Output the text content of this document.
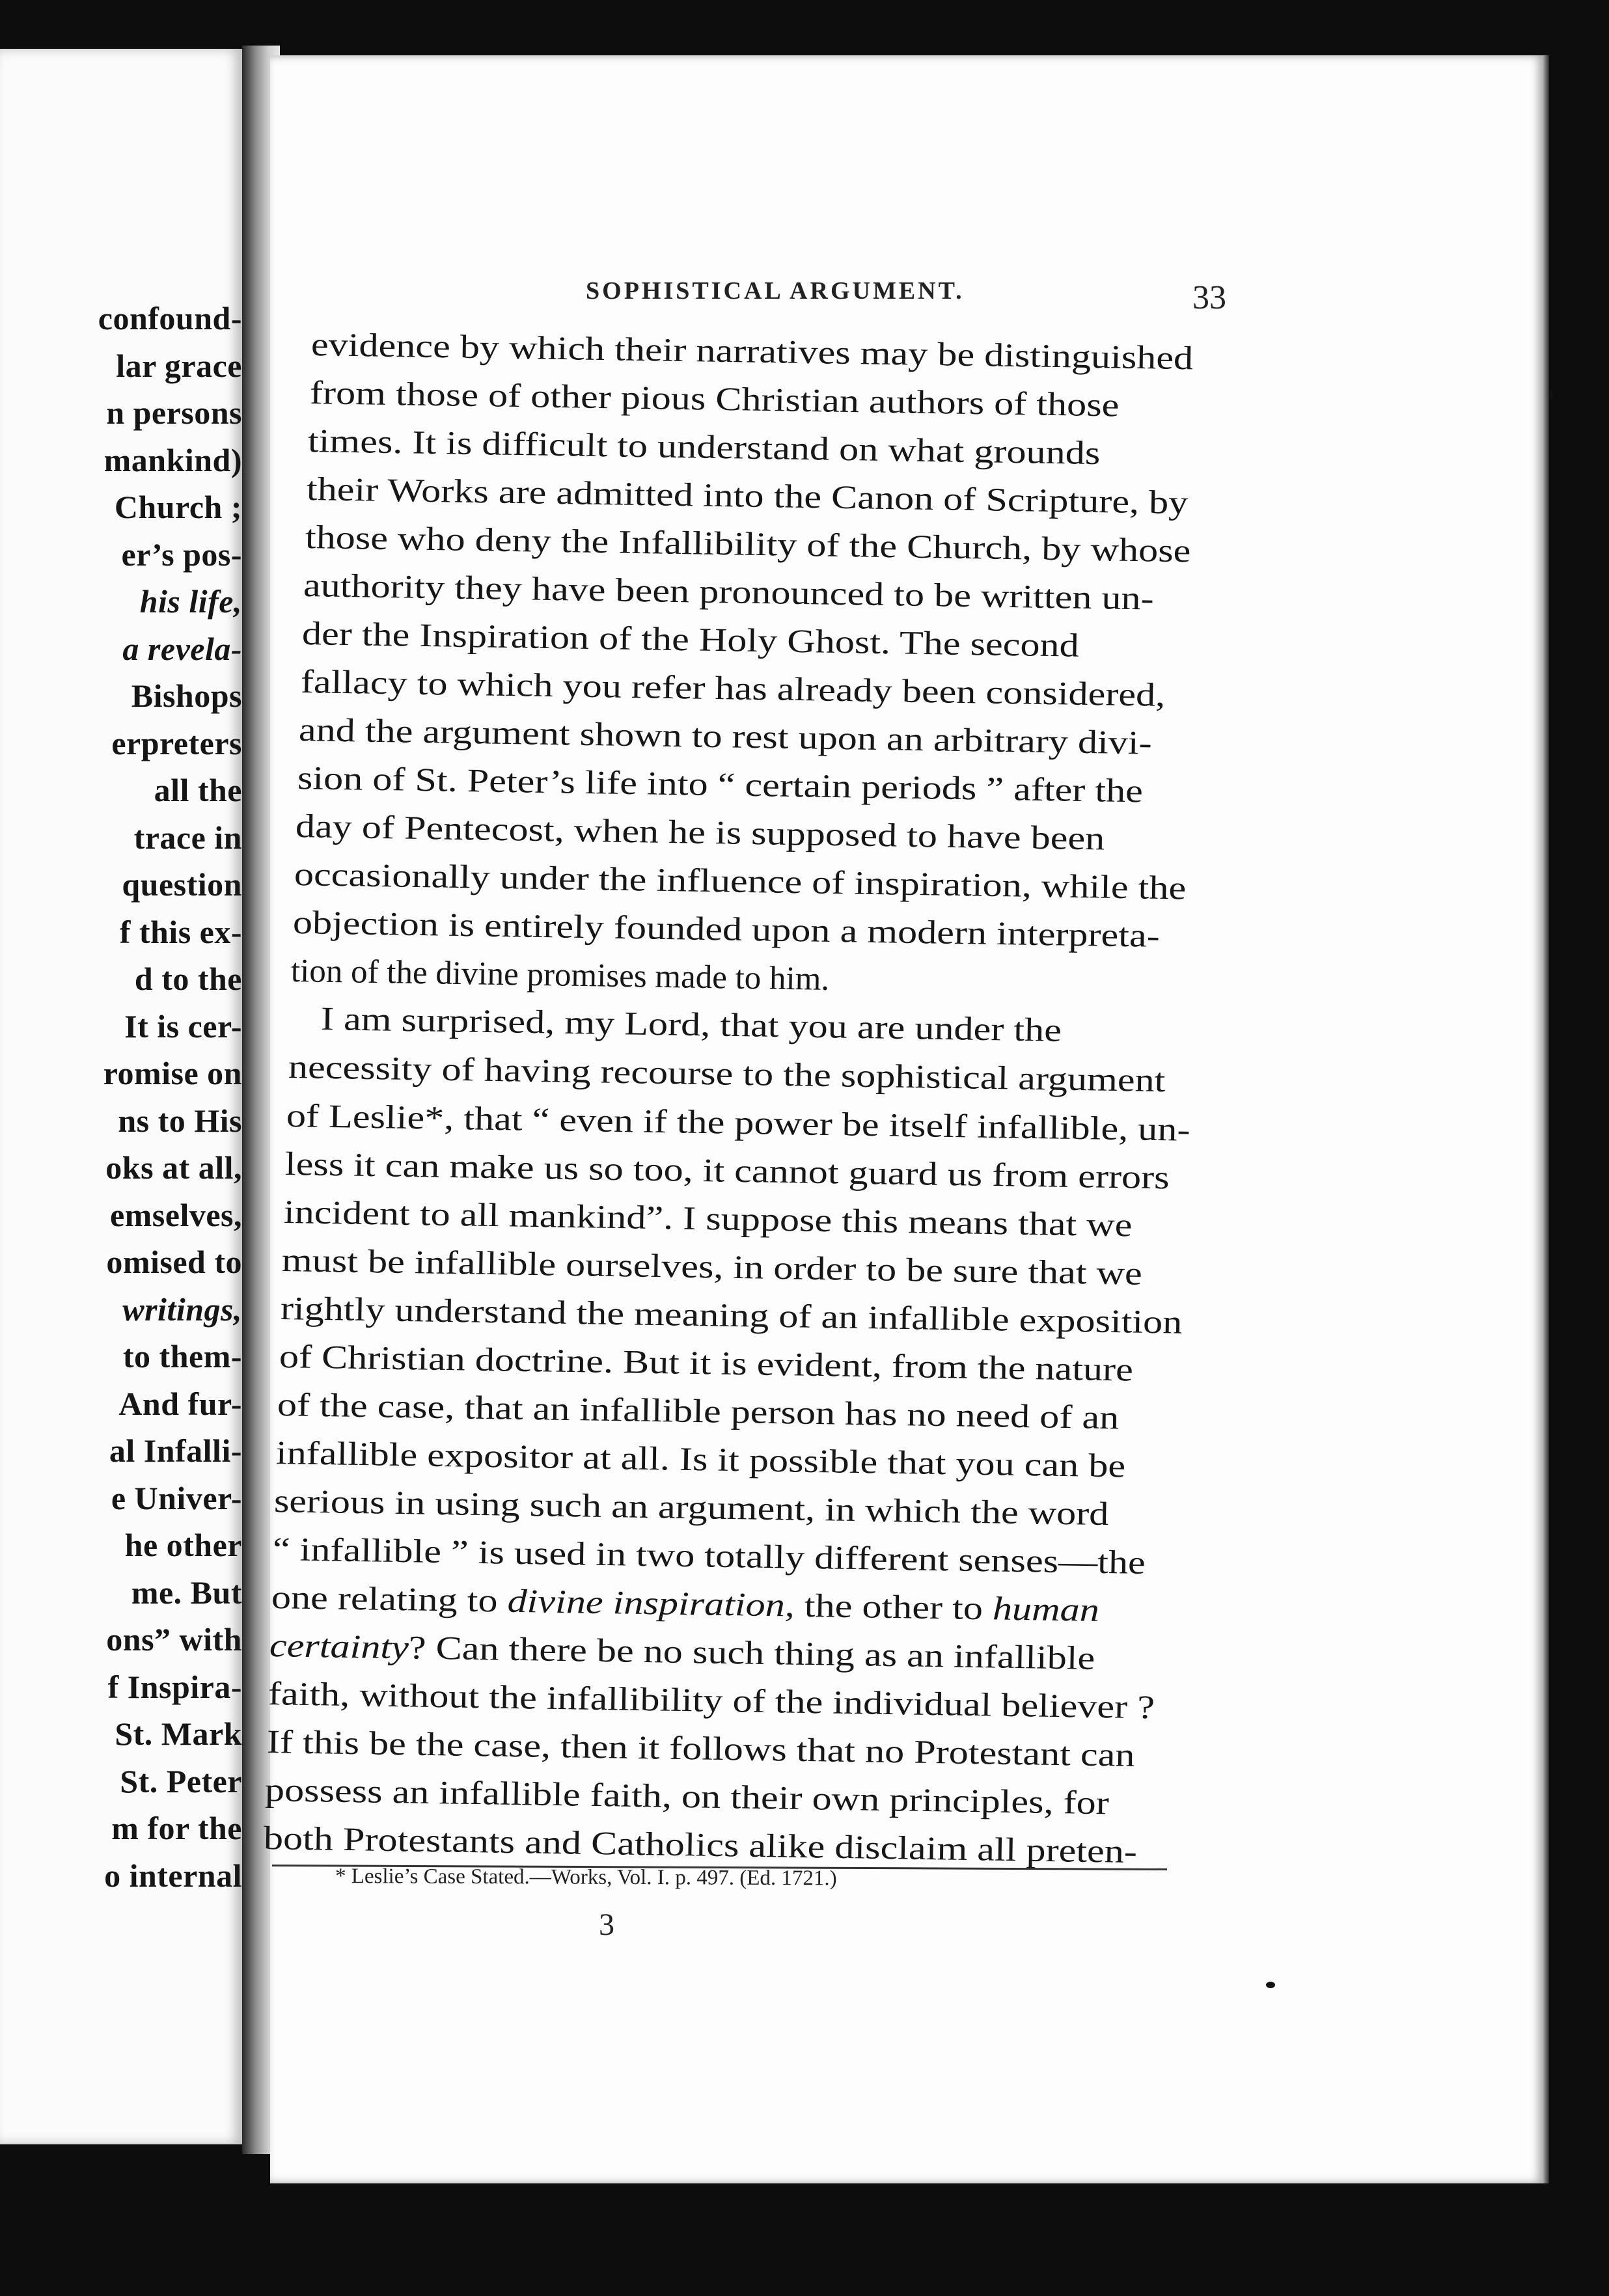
confound-
lar grace
n persons
mankind)
Church ;
er’s pos-
his life,
a revela-
Bishops
erpreters
all the
trace in
question
f this ex-
d to the
It is cer-
romise on
ns to His
oks at all,
emselves,
omised to
writings,
to them-
And fur-
al Infalli-
e Univer-
he other
me. But
ons” with
f Inspira-
St. Mark
St. Peter
m for the
o internal
SOPHISTICAL ARGUMENT.	33
evidence by which their narratives may be distinguished
from those of other pious Christian authors of those
times. It is difficult to understand on what grounds
their Works are admitted into the Canon of Scripture, by
those who deny the Infallibility of the Church, by whose
authority they have been pronounced to be written un-
der the Inspiration of the Holy Ghost. The second
fallacy to which you refer has already been considered,
and the argument shown to rest upon an arbitrary divi-
sion of St. Peter’s life into “ certain periods ” after the
day of Pentecost, when he is supposed to have been
occasionally under the influence of inspiration, while the
objection is entirely founded upon a modern interpreta-
tion of the divine promises made to him.
I am surprised, my Lord, that you are under the
necessity of having recourse to the sophistical argument
of Leslie*, that “ even if the power be itself infallible, un-
less it can make us so too, it cannot guard us from errors
incident to all mankind”. I suppose this means that we
must be infallible ourselves, in order to be sure that we
rightly understand the meaning of an infallible exposition
of Christian doctrine. But it is evident, from the nature
of the case, that an infallible person has no need of an
infallible expositor at all. Is it possible that you can be
serious in using such an argument, in which the word
“ infallible ” is used in two totally different senses—the
one relating to divine inspiration, the other to human
certainty? Can there be no such thing as an infallible
faith, without the infallibility of the individual believer ?
If this be the case, then it follows that no Protestant can
possess an infallible faith, on their own principles, for
both Protestants and Catholics alike disclaim all preten-
* Leslie’s Case Stated.—Works, Vol. I. p. 497. (Ed. 1721.)
3
